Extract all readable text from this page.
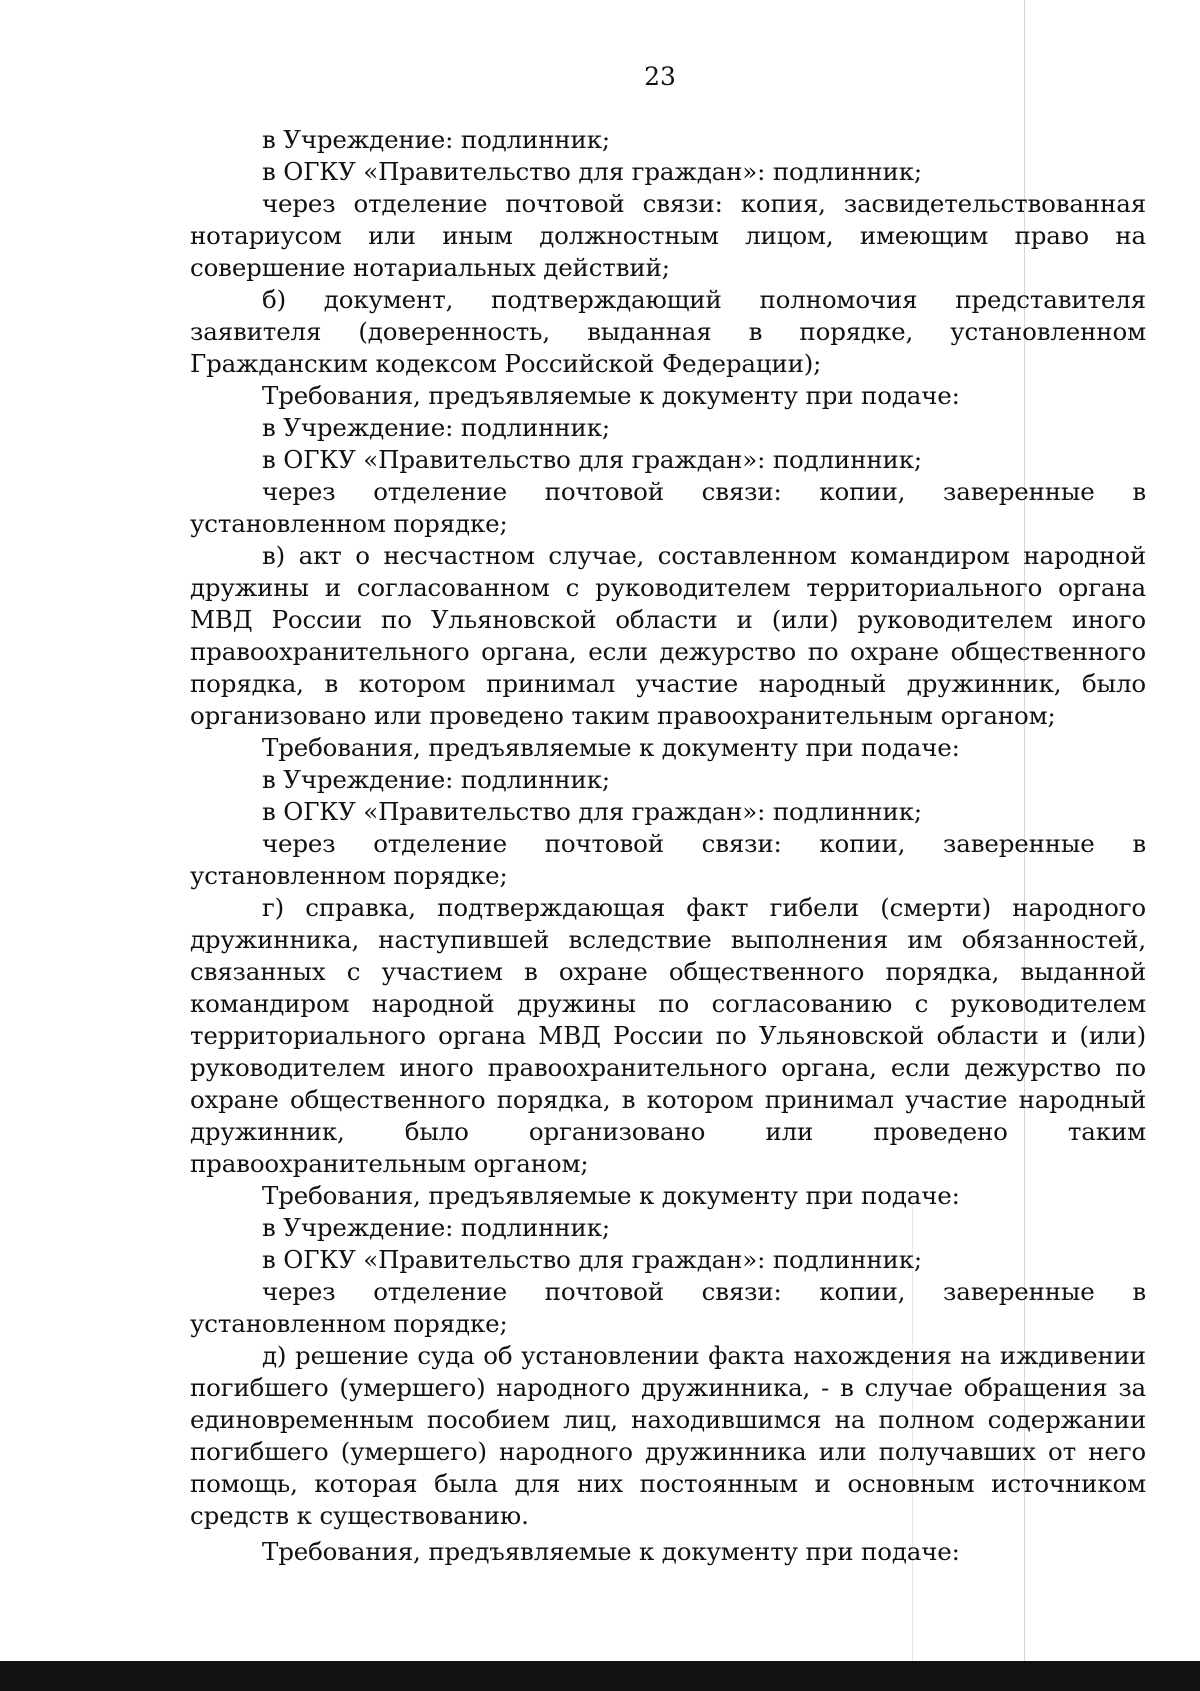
23

в Учреждение: подлинник;

в ОГКУ «Правительство для граждан»: подлинник;

через отделение почтовой связи: копия, засвидетельствованная нотариусом или иным должностным лицом, имеющим право на совершение нотариальных действий;

б) документ, подтверждающий полномочия представителя заявителя (доверенность, выданная в порядке, установленном Гражданским кодексом Российской Федерации);

Требования, предъявляемые к документу при подаче:

в Учреждение: подлинник;

в ОГКУ «Правительство для граждан»: подлинник;

через отделение почтовой связи: копии, заверенные в установленном порядке;

в) акт о несчастном случае, составленном командиром народной дружины и согласованном с руководителем территориального органа МВД России по Ульяновской области и (или) руководителем иного правоохранительного органа, если дежурство по охране общественного порядка, в котором принимал участие народный дружинник, было организовано или проведено таким правоохранительным органом;

Требования, предъявляемые к документу при подаче:

в Учреждение: подлинник;

в ОГКУ «Правительство для граждан»: подлинник;

через отделение почтовой связи: копии, заверенные в установленном порядке;

г) справка, подтверждающая факт гибели (смерти) народного дружинника, наступившей вследствие выполнения им обязанностей, связанных с участием в охране общественного порядка, выданной командиром народной дружины по согласованию с руководителем территориального органа МВД России по Ульяновской области и (или) руководителем иного правоохранительного органа, если дежурство по охране общественного порядка, в котором принимал участие народный дружинник, было организовано или проведено таким правоохранительным органом;

Требования, предъявляемые к документу при подаче:

в Учреждение: подлинник;

в ОГКУ «Правительство для граждан»: подлинник;

через отделение почтовой связи: копии, заверенные в установленном порядке;

д) решение суда об установлении факта нахождения на иждивении погибшего (умершего) народного дружинника, - в случае обращения за единовременным пособием лиц, находившимся на полном содержании погибшего (умершего) народного дружинника или получавших от него помощь, которая была для них постоянным и основным источником средств к существованию.

Требования, предъявляемые к документу при подаче:
